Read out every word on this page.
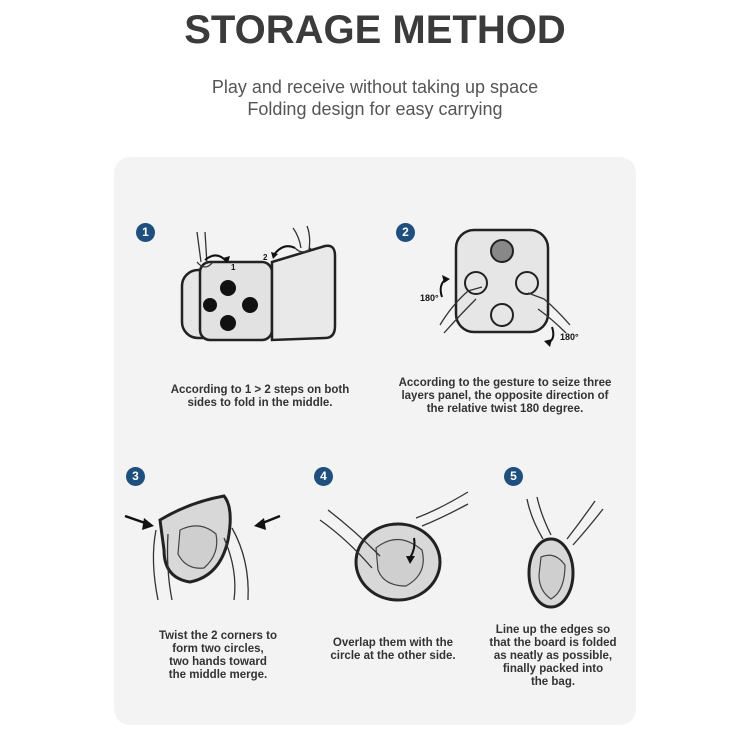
STORAGE METHOD
Play and receive without taking up space
Folding design for easy carrying
1
1
2
According to 1 > 2 steps on both
sides to fold in the middle.
2
180°
180°
According to the gesture to seize three
layers panel, the opposite direction of
the relative twist 180 degree.
3
Twist the 2 corners to
form two circles,
two hands toward
the middle merge.
4
Overlap them with the
circle at the other side.
5
Line up the edges so
that the board is folded
as neatly as possible,
finally packed into
the bag.
